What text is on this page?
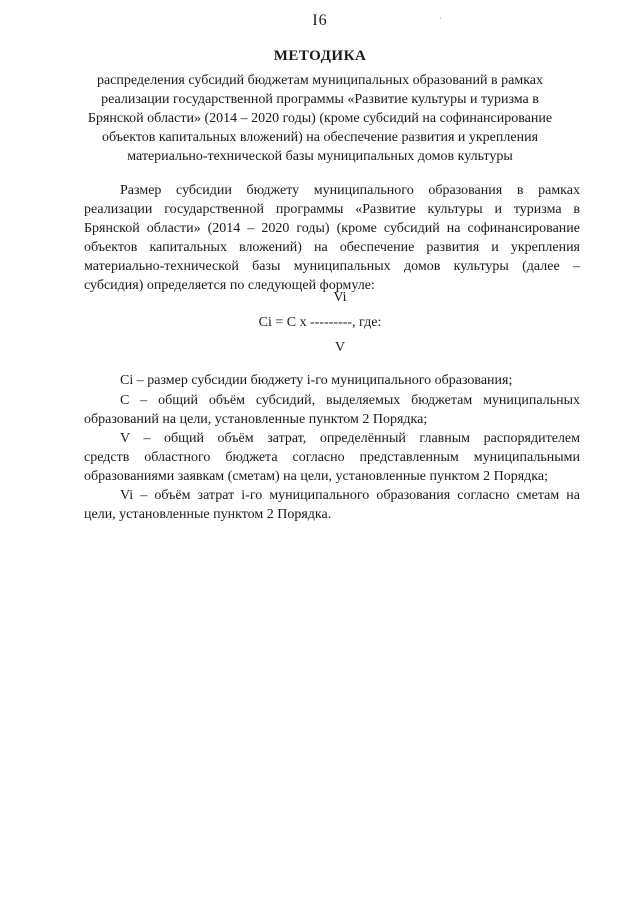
I6	·
МЕТОДИКА
распределения субсидий бюджетам муниципальных образований в рамках
реализации государственной программы «Развитие культуры и туризма в
Брянской области» (2014 – 2020 годы) (кроме субсидий на софинансирование
объектов капитальных вложений) на обеспечение развития и укрепления
материально-технической базы муниципальных домов культуры
Размер субсидии бюджету муниципального образования в рамках
реализации государственной программы «Развитие культуры и туризма в
Брянской области» (2014 – 2020 годы) (кроме субсидий на софинансирование
объектов капитальных вложений) на обеспечение развития и укрепления
материально-технической базы муниципальных домов культуры (далее –
субсидия) определяется по следующей формуле:
Vi
Ci = C x ---------, где:
V
Ci – размер субсидии бюджету i-го муниципального образования;
С – общий объём субсидий, выделяемых бюджетам муниципальных
образований на цели, установленные пунктом 2 Порядка;
V – общий объём затрат, определённый главным распорядителем
средств областного бюджета согласно представленным муниципальными
образованиями заявкам (сметам) на цели, установленные пунктом 2 Порядка;
Vi – объём затрат i-го муниципального образования согласно сметам на
цели, установленные пунктом 2 Порядка.
